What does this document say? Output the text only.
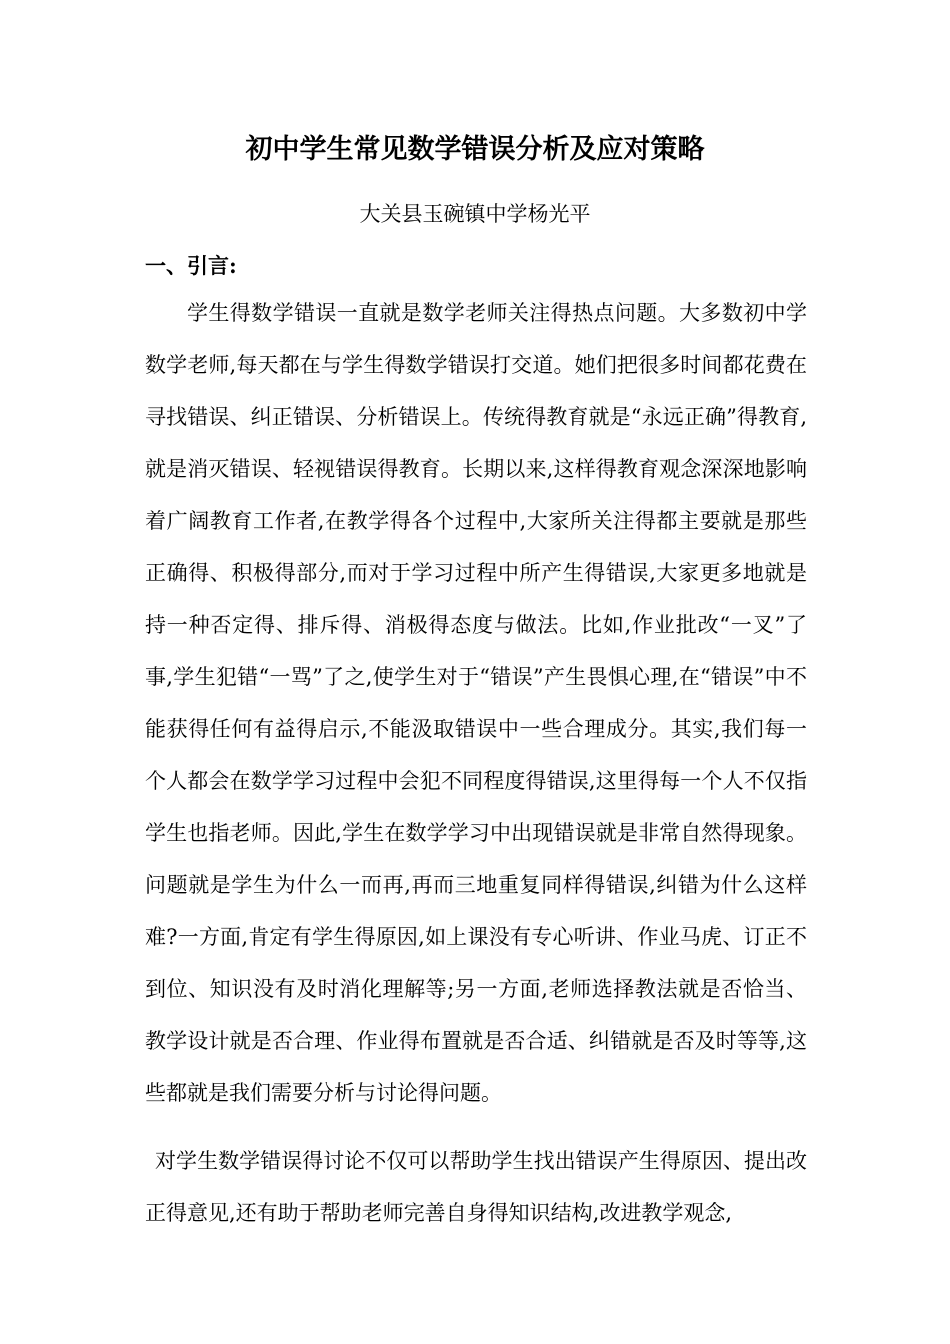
初中学生常见数学错误分析及应对策略
大关县玉碗镇中学杨光平
一、引言:

学生得数学错误一直就是数学老师关注得热点问题。大多数初中学数学老师,每天都在与学生得数学错误打交道。她们把很多时间都花费在寻找错误、纠正错误、分析错误上。传统得教育就是“永远正确”得教育,就是消灭错误、轻视错误得教育。长期以来,这样得教育观念深深地影响着广阔教育工作者,在教学得各个过程中,大家所关注得都主要就是那些正确得、积极得部分,而对于学习过程中所产生得错误,大家更多地就是持一种否定得、排斥得、消极得态度与做法。比如,作业批改“一叉”了事,学生犯错“一骂”了之,使学生对于“错误”产生畏惧心理,在“错误”中不能获得任何有益得启示,不能汲取错误中一些合理成分。其实,我们每一个人都会在数学学习过程中会犯不同程度得错误,这里得每一个人不仅指学生也指老师。因此,学生在数学学习中出现错误就是非常自然得现象。问题就是学生为什么一而再,再而三地重复同样得错误,纠错为什么这样难?一方面,肯定有学生得原因,如上课没有专心听讲、作业马虎、订正不到位、知识没有及时消化理解等;另一方面,老师选择教法就是否恰当、教学设计就是否合理、作业得布置就是否合适、纠错就是否及时等等,这些都就是我们需要分析与讨论得问题。

对学生数学错误得讨论不仅可以帮助学生找出错误产生得原因、提出改正得意见,还有助于帮助老师完善自身得知识结构,改进教学观念,
